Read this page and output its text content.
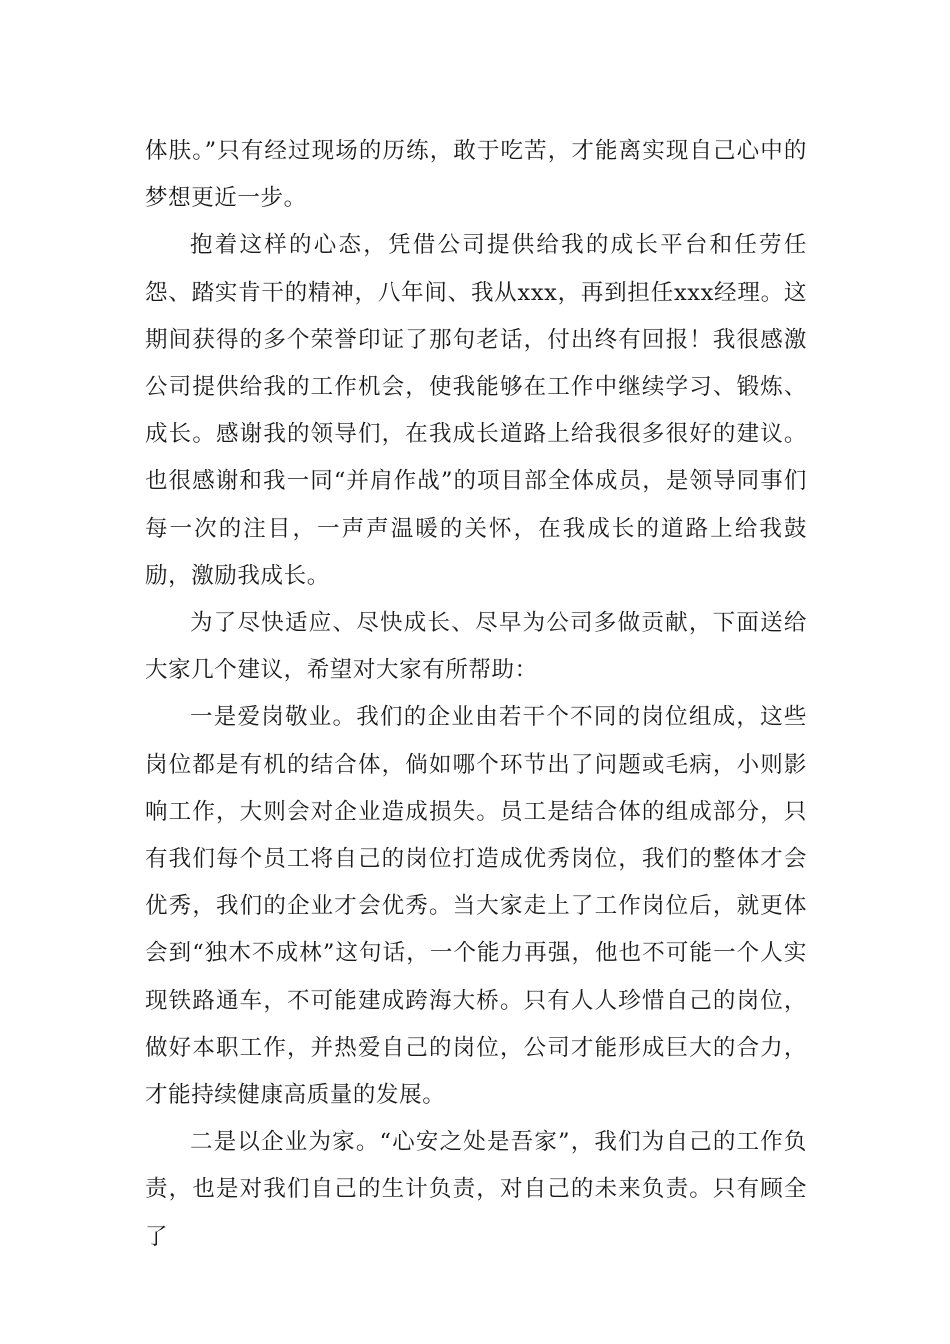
体肤。”只有经过现场的历练，敢于吃苦，才能离实现自己心中的梦想更近一步。

抱着这样的心态，凭借公司提供给我的成长平台和任劳任怨、踏实肯干的精神，八年间、我从xxx，再到担任xxx经理。这期间获得的多个荣誉印证了那句老话，付出终有回报！我很感激公司提供给我的工作机会，使我能够在工作中继续学习、锻炼、成长。感谢我的领导们，在我成长道路上给我很多很好的建议。也很感谢和我一同“并肩作战”的项目部全体成员，是领导同事们每一次的注目，一声声温暖的关怀，在我成长的道路上给我鼓励，激励我成长。

为了尽快适应、尽快成长、尽早为公司多做贡献，下面送给大家几个建议，希望对大家有所帮助：

一是爱岗敬业。我们的企业由若干个不同的岗位组成，这些岗位都是有机的结合体，倘如哪个环节出了问题或毛病，小则影响工作，大则会对企业造成损失。员工是结合体的组成部分，只有我们每个员工将自己的岗位打造成优秀岗位，我们的整体才会优秀，我们的企业才会优秀。当大家走上了工作岗位后，就更体会到“独木不成林”这句话，一个能力再强，他也不可能一个人实现铁路通车，不可能建成跨海大桥。只有人人珍惜自己的岗位，做好本职工作，并热爱自己的岗位，公司才能形成巨大的合力，才能持续健康高质量的发展。

二是以企业为家。“心安之处是吾家”，我们为自己的工作负责，也是对我们自己的生计负责，对自己的未来负责。只有顾全了
